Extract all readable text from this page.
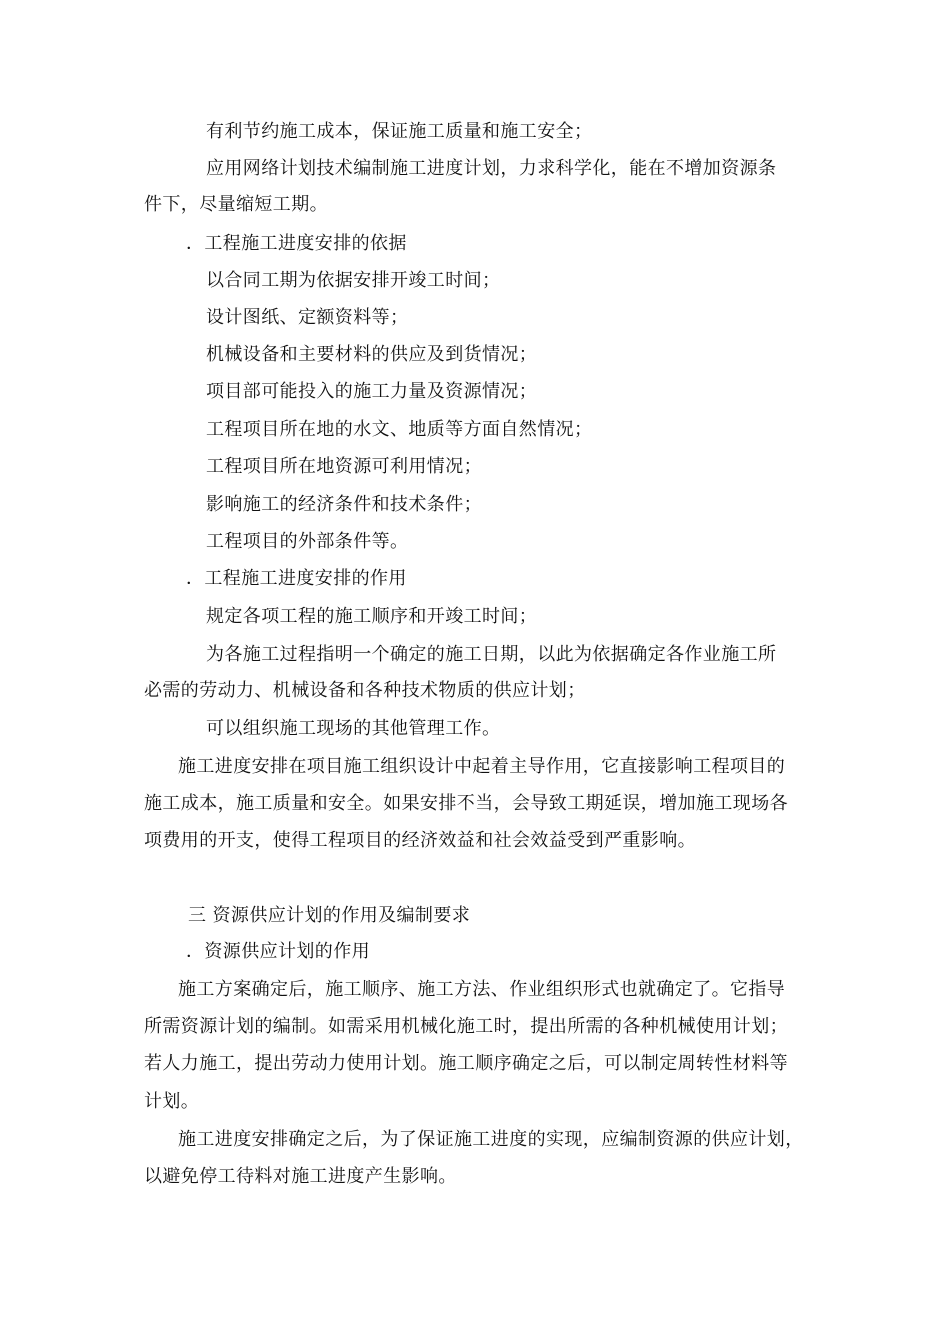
有利节约施工成本，保证施工质量和施工安全；
应用网络计划技术编制施工进度计划，力求科学化，能在不增加资源条
件下，尽量缩短工期。
．工程施工进度安排的依据
以合同工期为依据安排开竣工时间；
设计图纸、定额资料等；
机械设备和主要材料的供应及到货情况；
项目部可能投入的施工力量及资源情况；
工程项目所在地的水文、地质等方面自然情况；
工程项目所在地资源可利用情况；
影响施工的经济条件和技术条件；
工程项目的外部条件等。
．工程施工进度安排的作用
规定各项工程的施工顺序和开竣工时间；
为各施工过程指明一个确定的施工日期，以此为依据确定各作业施工所
必需的劳动力、机械设备和各种技术物质的供应计划；
可以组织施工现场的其他管理工作。
施工进度安排在项目施工组织设计中起着主导作用，它直接影响工程项目的
施工成本，施工质量和安全。如果安排不当，会导致工期延误，增加施工现场各
项费用的开支，使得工程项目的经济效益和社会效益受到严重影响。
三 资源供应计划的作用及编制要求
．资源供应计划的作用
施工方案确定后，施工顺序、施工方法、作业组织形式也就确定了。它指导
所需资源计划的编制。如需采用机械化施工时，提出所需的各种机械使用计划；
若人力施工，提出劳动力使用计划。施工顺序确定之后，可以制定周转性材料等
计划。
施工进度安排确定之后，为了保证施工进度的实现，应编制资源的供应计划，
以避免停工待料对施工进度产生影响。
